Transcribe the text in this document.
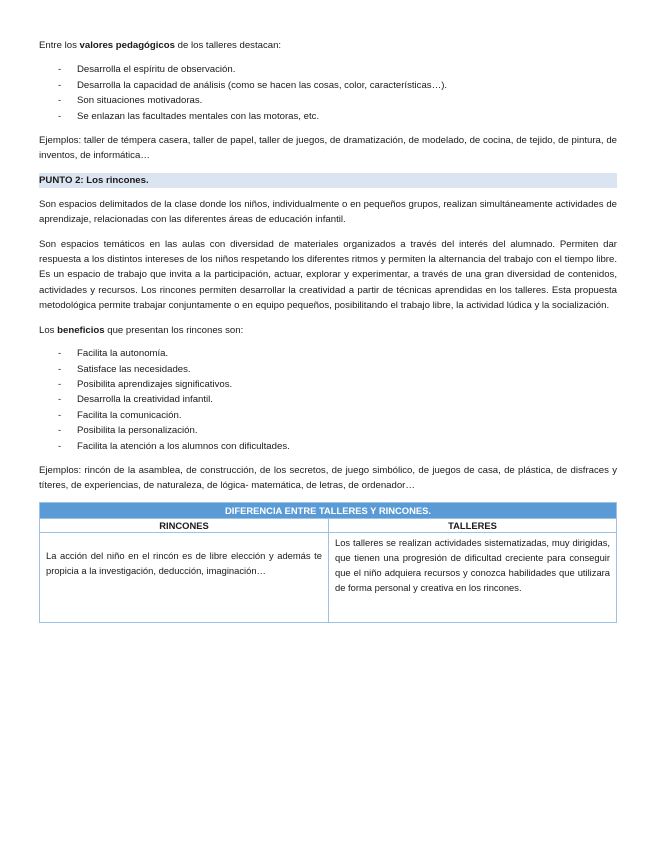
Entre los valores pedagógicos de los talleres destacan:

- Desarrolla el espíritu de observación.
- Desarrolla la capacidad de análisis (como se hacen las cosas, color, características…).
- Son situaciones motivadoras.
- Se enlazan las facultades mentales con las motoras, etc.

Ejemplos: taller de témpera casera, taller de papel, taller de juegos, de dramatización, de modelado, de cocina, de tejido, de pintura, de inventos, de informática…

PUNTO 2: Los rincones.

Son espacios delimitados de la clase donde los niños, individualmente o en pequeños grupos, realizan simultáneamente actividades de aprendizaje, relacionadas con las diferentes áreas de educación infantil.

Son espacios temáticos en las aulas con diversidad de materiales organizados a través del interés del alumnado. Permiten dar respuesta a los distintos intereses de los niños respetando los diferentes ritmos y permiten la alternancia del trabajo con el tiempo libre. Es un espacio de trabajo que invita a la participación, actuar, explorar y experimentar, a través de una gran diversidad de contenidos, actividades y recursos. Los rincones permiten desarrollar la creatividad a partir de técnicas aprendidas en los talleres. Esta propuesta metodológica permite trabajar conjuntamente o en equipo pequeños, posibilitando el trabajo libre, la actividad lúdica y la socialización.

Los beneficios que presentan los rincones son:

- Facilita la autonomía.
- Satisface las necesidades.
- Posibilita aprendizajes significativos.
- Desarrolla la creatividad infantil.
- Facilita la comunicación.
- Posibilita la personalización.
- Facilita la atención a los alumnos con dificultades.

Ejemplos: rincón de la asamblea, de construcción, de los secretos, de juego simbólico, de juegos de casa, de plástica, de disfraces y títeres, de experiencias, de naturaleza, de lógica- matemática, de letras, de ordenador…

DIFERENCIA ENTRE TALLERES Y RINCONES.	
RINCONES	TALLERES
La acción del niño en el rincón es de libre elección y además te propicia a la investigación, deducción, imaginación…	Los talleres se realizan actividades sistematizadas, muy dirigidas, que tienen una progresión de dificultad creciente para conseguir que el niño adquiera recursos y conozca habilidades que utilizara de forma personal y creativa en los rincones.
